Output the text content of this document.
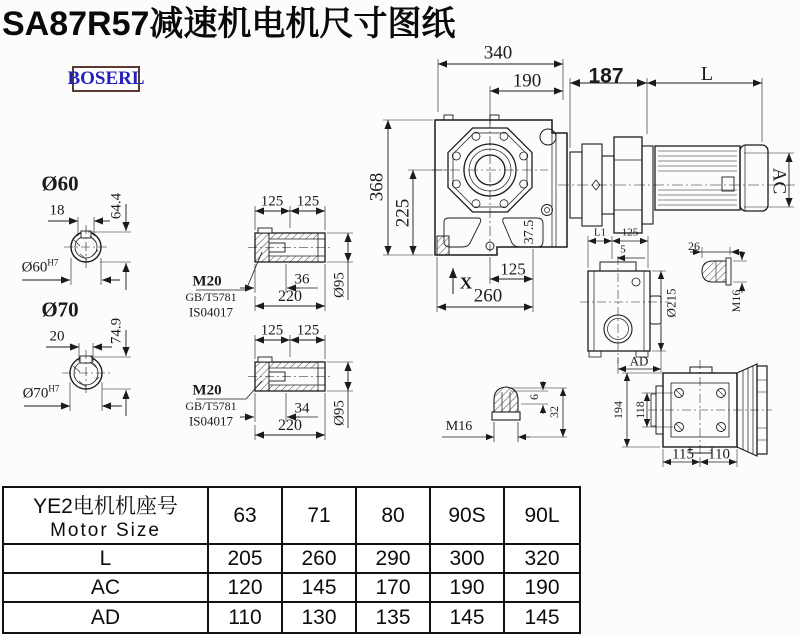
SA87R57减速机电机尺寸图纸
BOSERL
Ø60
18	64.4
$Ø60^{H7}$
Ø70
20	74.9
$Ø70^{H7}$
125 125
M20
GB/T5781
IS04017
36
220 Ø95
125 125
M20
GB/T5781
IS04017
34
220 Ø95
340
190
368
225
37.5
125
260
X
187	L
AC
L1 125
5
Ø215
AD
26
M16
M16
6
32	194 118
115 110
YE2电机机座号
Motor Size
63	71	80	90S	90L
L	205	260	290	300	320
AC	120	145	170	190	190
AD	110	130	135	145	145
